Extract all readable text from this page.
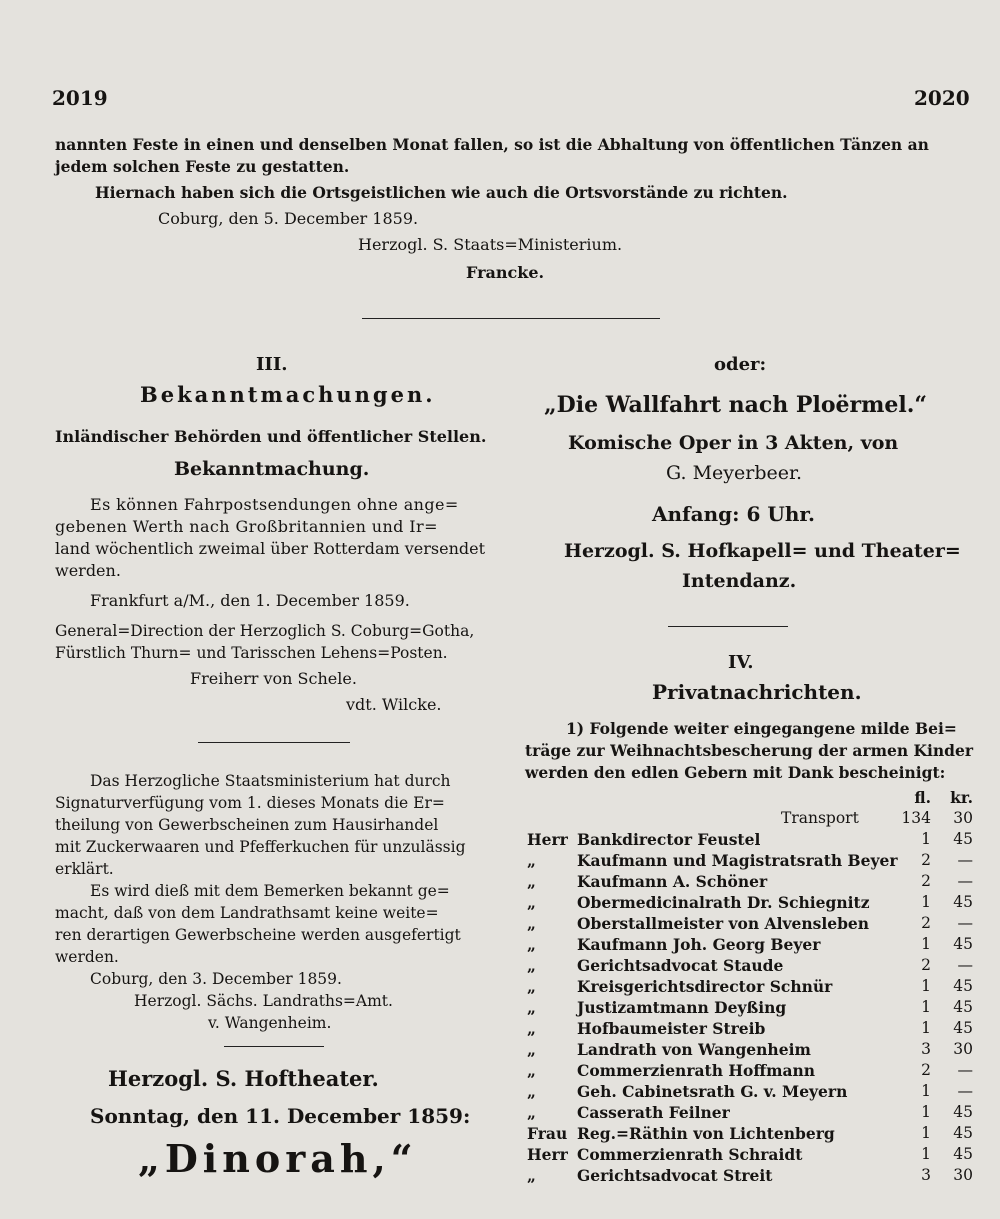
2019	2020
nannten Feste in einen und denselben Monat fallen, so ist die Abhaltung von öffentlichen Tänzen an
jedem solchen Feste zu gestatten.
Hiernach haben sich die Ortsgeistlichen wie auch die Ortsvorstände zu richten.
Coburg, den 5. December 1859.
Herzogl. S. Staats=Ministerium.
Francke.
III.
Bekanntmachungen.
Inländischer Behörden und öffentlicher Stellen.
Bekanntmachung.
Es können Fahrpostsendungen ohne ange=
gebenen Werth nach Großbritannien und Ir=
land wöchentlich zweimal über Rotterdam versendet
werden.
Frankfurt a/M., den 1. December 1859.
General=Direction der Herzoglich S. Coburg=Gotha,
Fürstlich Thurn= und Tarisschen Lehens=Posten.
Freiherr von Schele.
vdt. Wilcke.
Das Herzogliche Staatsministerium hat durch
Signaturverfügung vom 1. dieses Monats die Er=
theilung von Gewerbscheinen zum Hausirhandel
mit Zuckerwaaren und Pfefferkuchen für unzulässig
erklärt.
Es wird dieß mit dem Bemerken bekannt ge=
macht, daß von dem Landrathsamt keine weite=
ren derartigen Gewerbscheine werden ausgefertigt
werden.
Coburg, den 3. December 1859.
Herzogl. Sächs. Landraths=Amt.
v. Wangenheim.
Herzogl. S. Hoftheater.
Sonntag, den 11. December 1859:
„Dinorah,“
oder:
„Die Wallfahrt nach Ploërmel.“
Komische Oper in 3 Akten, von
G. Meyerbeer.
Anfang: 6 Uhr.
Herzogl. S. Hofkapell= und Theater=
Intendanz.
IV.
Privatnachrichten.
1) Folgende weiter eingegangene milde Bei=
träge zur Weihnachtsbescherung der armen Kinder
werden den edlen Gebern mit Dank bescheinigt:
fl.	kr.
Transport	134	30
Herr Bankdirector Feustel	1	45
„	Kaufmann und Magistratsrath Beyer	2	—
„	Kaufmann A. Schöner	2	—
„	Obermedicinalrath Dr. Schiegnitz	1	45
„	Oberstallmeister von Alvensleben	2	—
„	Kaufmann Joh. Georg Beyer	1	45
„	Gerichtsadvocat Staude	2	—
„	Kreisgerichtsdirector Schnür	1	45
„	Justizamtmann Deyßing	1	45
„	Hofbaumeister Streib	1	45
„	Landrath von Wangenheim	3	30
„	Commerzienrath Hoffmann	2	—
„	Geh. Cabinetsrath G. v. Meyern	1	—
„	Casserath Feilner	1	45
Frau Reg.=Räthin von Lichtenberg	1	45
Herr Commerzienrath Schraidt	1	45
„	Gerichtsadvocat Streit	3	30
